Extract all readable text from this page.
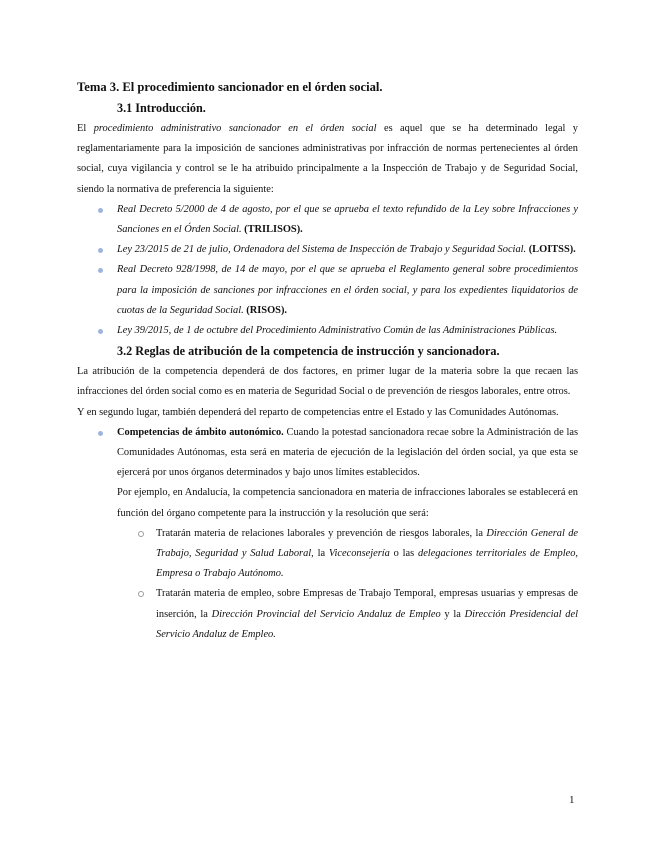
Tema 3. El procedimiento sancionador en el órden social.
3.1 Introducción.

El procedimiento administrativo sancionador en el órden social es aquel que se ha determinado legal y reglamentariamente para la imposición de sanciones administrativas por infracción de normas pertenecientes al órden social, cuya vigilancia y control se le ha atribuido principalmente a la Inspección de Trabajo y de Seguridad Social, siendo la normativa de preferencia la siguiente:

Real Decreto 5/2000 de 4 de agosto, por el que se aprueba el texto refundido de la Ley sobre Infracciones y Sanciones en el Órden Social. (TRILISOS).
Ley 23/2015 de 21 de julio, Ordenadora del Sistema de Inspección de Trabajo y Seguridad Social. (LOITSS).
Real Decreto 928/1998, de 14 de mayo, por el que se aprueba el Reglamento general sobre procedimientos para la imposición de sanciones por infracciones en el órden social, y para los expedientes liquidatorios de cuotas de la Seguridad Social. (RISOS).
Ley 39/2015, de 1 de octubre del Procedimiento Administrativo Común de las Administraciones Públicas.
3.2 Reglas de atribución de la competencia de instrucción y sancionadora.

La atribución de la competencia dependerá de dos factores, en primer lugar de la materia sobre la que recaen las infracciones del órden social como es en materia de Seguridad Social o de prevención de riesgos laborales, entre otros.

Y en segundo lugar, también dependerá del reparto de competencias entre el Estado y las Comunidades Autónomas.

Competencias de ámbito autonómico. Cuando la potestad sancionadora recae sobre la Administración de las Comunidades Autónomas, esta será en materia de ejecución de la legislación del órden social, ya que esta se ejercerá por unos órganos determinados y bajo unos límites establecidos.

Por ejemplo, en Andalucía, la competencia sancionadora en materia de infracciones laborales se establecerá en función del órgano competente para la instrucción y la resolución que será:

Tratarán materia de relaciones laborales y prevención de riesgos laborales, la Dirección General de Trabajo, Seguridad y Salud Laboral, la Viceconsejería o las delegaciones territoriales de Empleo, Empresa o Trabajo Autónomo.
Tratarán materia de empleo, sobre Empresas de Trabajo Temporal, empresas usuarias y empresas de inserción, la Dirección Provincial del Servicio Andaluz de Empleo y la Dirección Presidencial del Servicio Andaluz de Empleo.
1
